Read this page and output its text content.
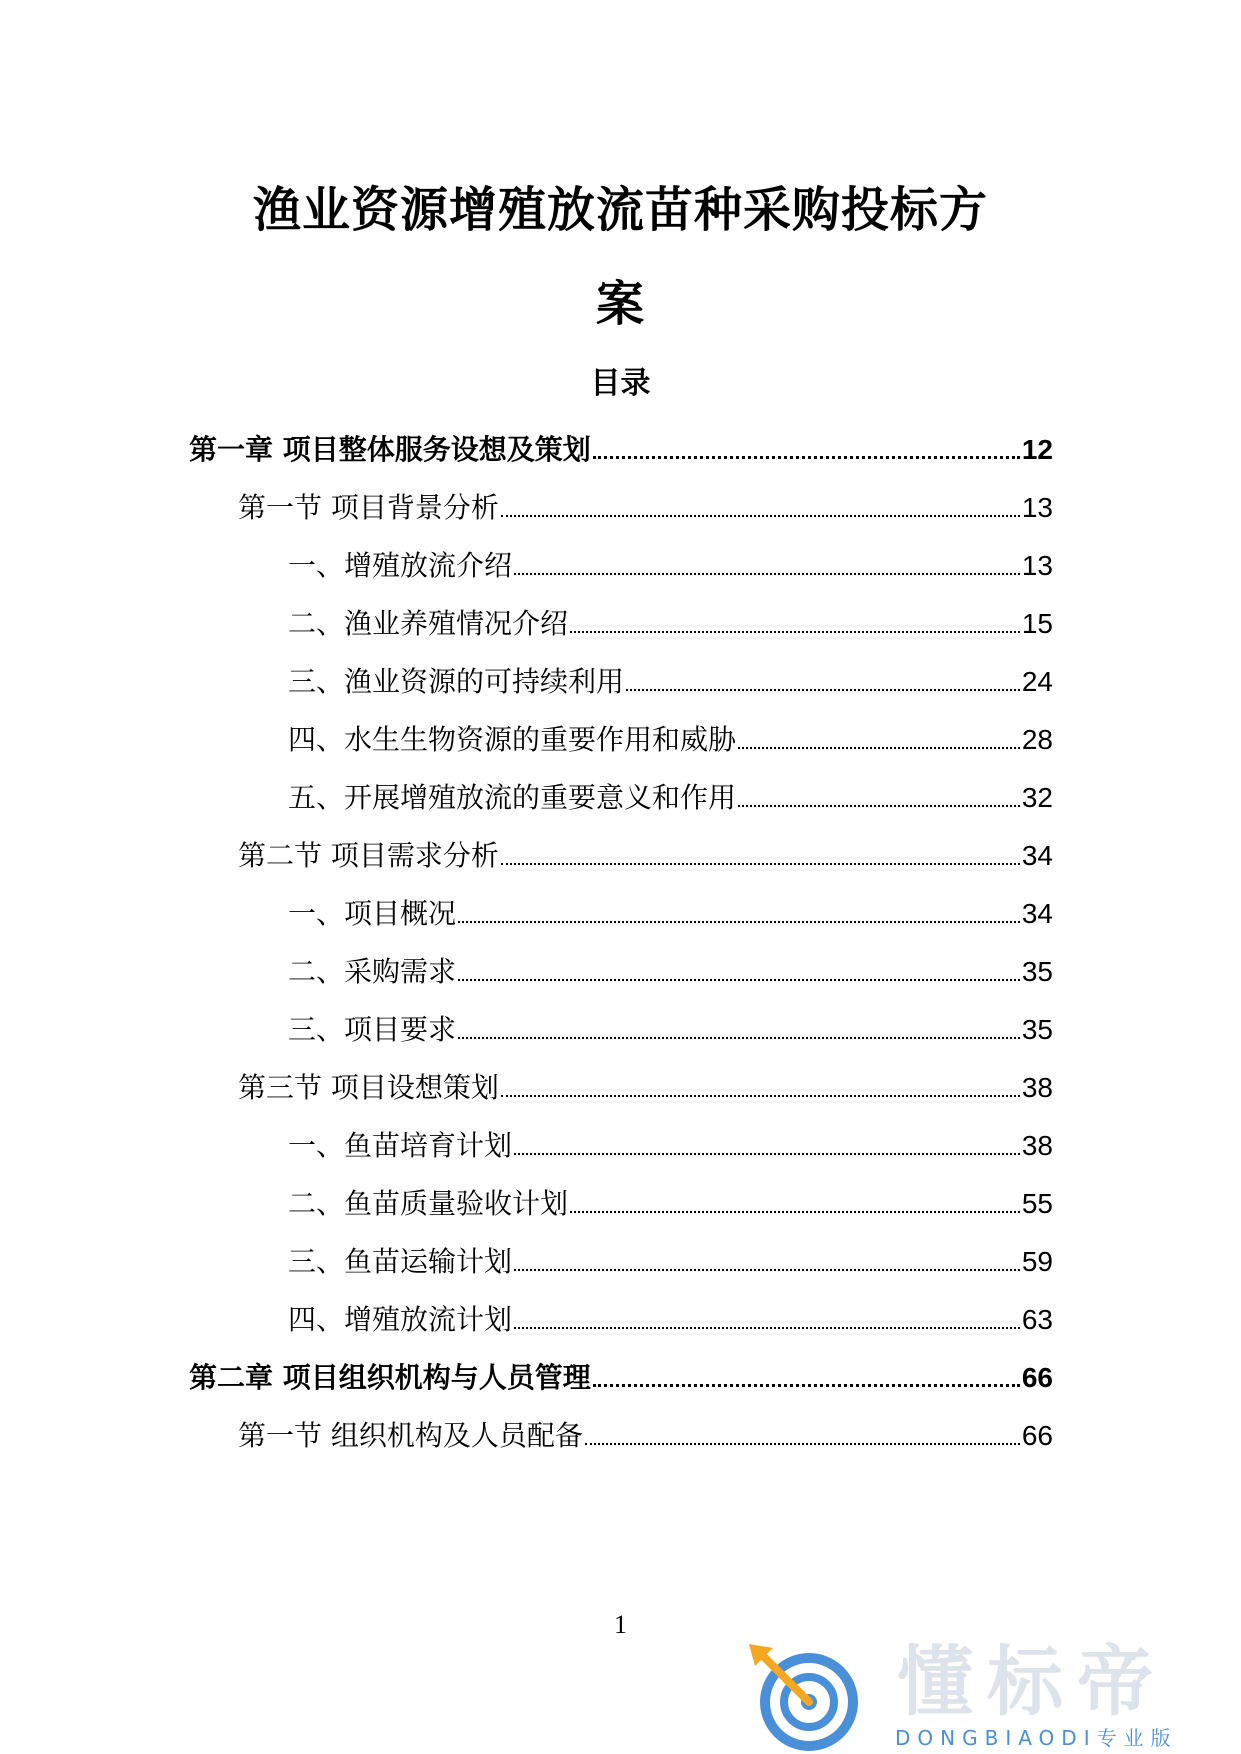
渔业资源增殖放流苗种采购投标方
案
目录
第一章 项目整体服务设想及策划	12
第一节 项目背景分析	13
一、增殖放流介绍	13
二、渔业养殖情况介绍	15
三、渔业资源的可持续利用	24
四、水生生物资源的重要作用和威胁	28
五、开展增殖放流的重要意义和作用	32
第二节 项目需求分析	34
一、项目概况	34
二、采购需求	35
三、项目要求	35
第三节 项目设想策划	38
一、鱼苗培育计划	38
二、鱼苗质量验收计划	55
三、鱼苗运输计划	59
四、增殖放流计划	63
第二章 项目组织机构与人员管理	66
第一节 组织机构及人员配备	66
1
懂标帝
DONGBIAODI专业版
